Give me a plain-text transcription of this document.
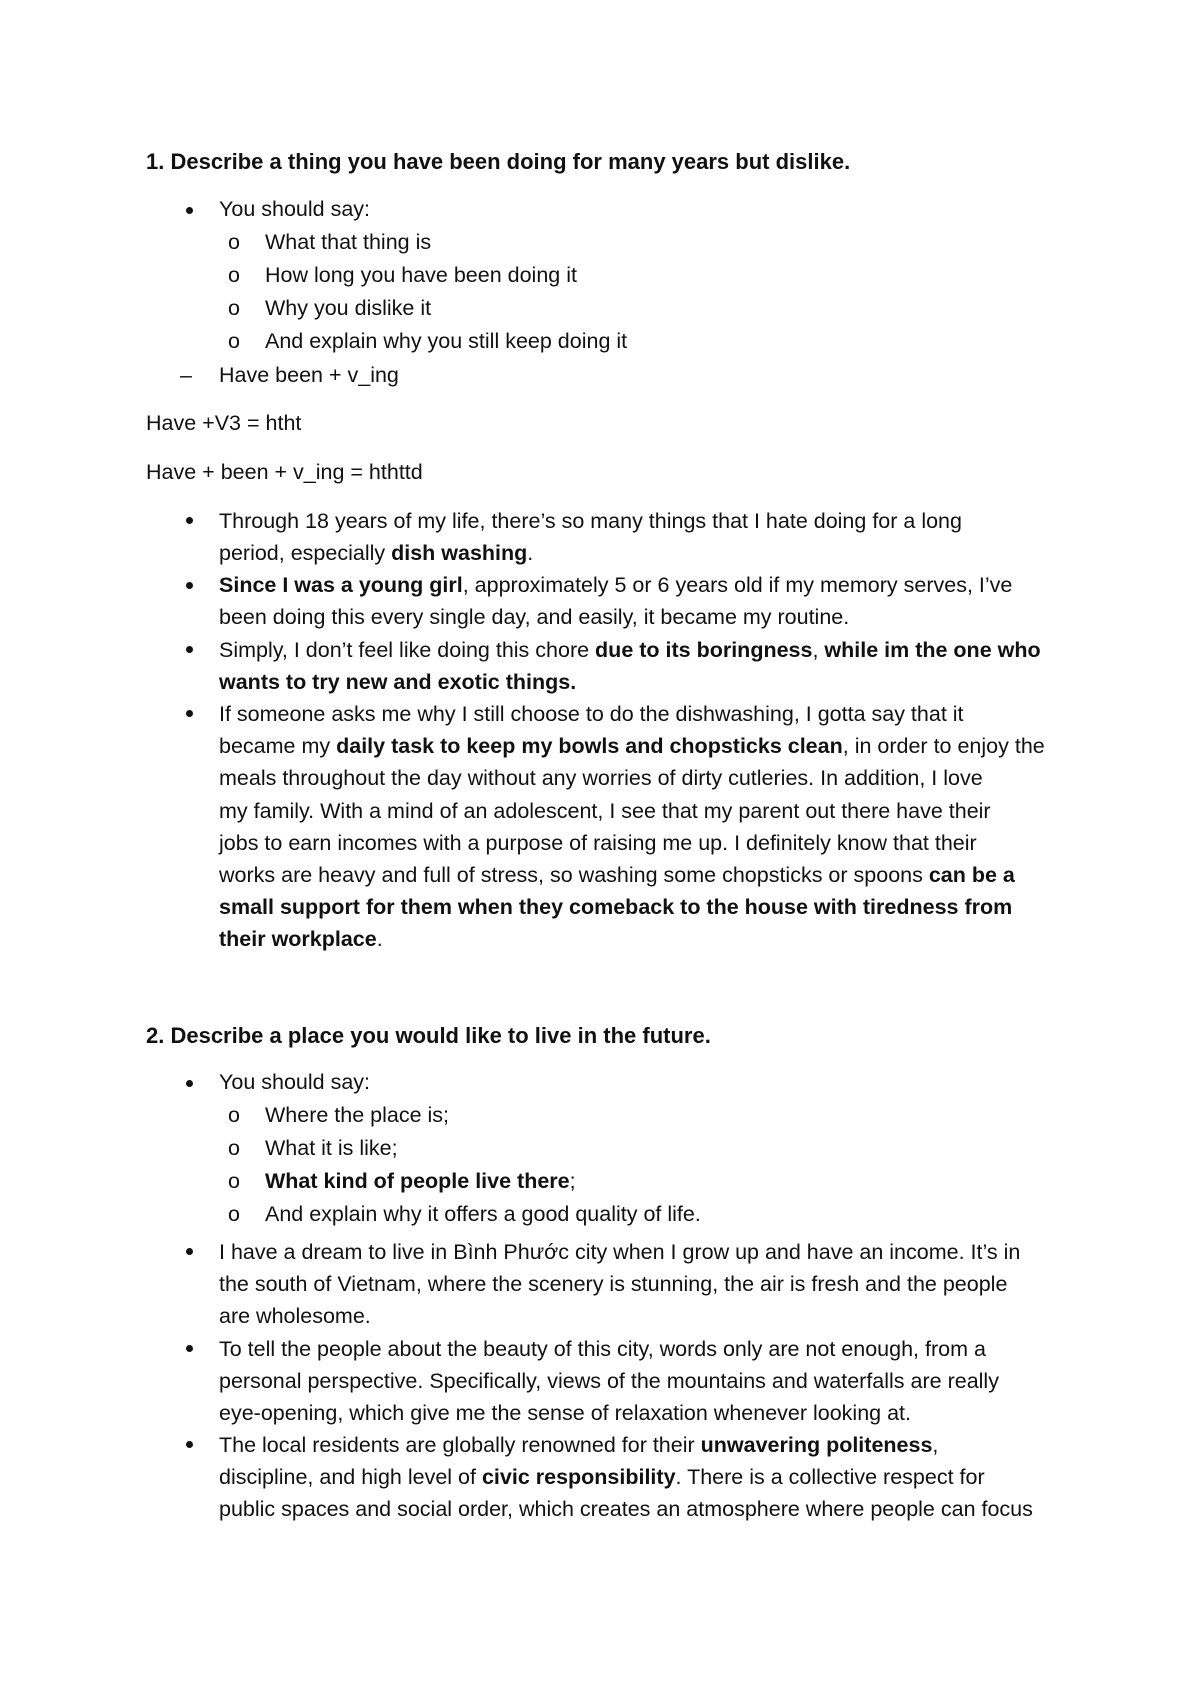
1. Describe a thing you have been doing for many years but dislike.
You should say:
o What that thing is
o How long you have been doing it
o Why you dislike it
o And explain why you still keep doing it
– Have been + v_ing
Have +V3 = htht
Have + been + v_ing = hthttd
Through 18 years of my life, there’s so many things that I hate doing for a long
period, especially dish washing.
Since I was a young girl, approximately 5 or 6 years old if my memory serves, I’ve
been doing this every single day, and easily, it became my routine.
Simply, I don’t feel like doing this chore due to its boringness, while im the one who
wants to try new and exotic things.
If someone asks me why I still choose to do the dishwashing, I gotta say that it
became my daily task to keep my bowls and chopsticks clean, in order to enjoy the
meals throughout the day without any worries of dirty cutleries. In addition, I love
my family. With a mind of an adolescent, I see that my parent out there have their
jobs to earn incomes with a purpose of raising me up. I definitely know that their
works are heavy and full of stress, so washing some chopsticks or spoons can be a
small support for them when they comeback to the house with tiredness from
their workplace.
2. Describe a place you would like to live in the future.
You should say:
o Where the place is;
o What it is like;
o What kind of people live there;
o And explain why it offers a good quality of life.
I have a dream to live in Bình Phước city when I grow up and have an income. It’s in
the south of Vietnam, where the scenery is stunning, the air is fresh and the people
are wholesome.
To tell the people about the beauty of this city, words only are not enough, from a
personal perspective. Specifically, views of the mountains and waterfalls are really
eye-opening, which give me the sense of relaxation whenever looking at.
The local residents are globally renowned for their unwavering politeness,
discipline, and high level of civic responsibility. There is a collective respect for
public spaces and social order, which creates an atmosphere where people can focus
